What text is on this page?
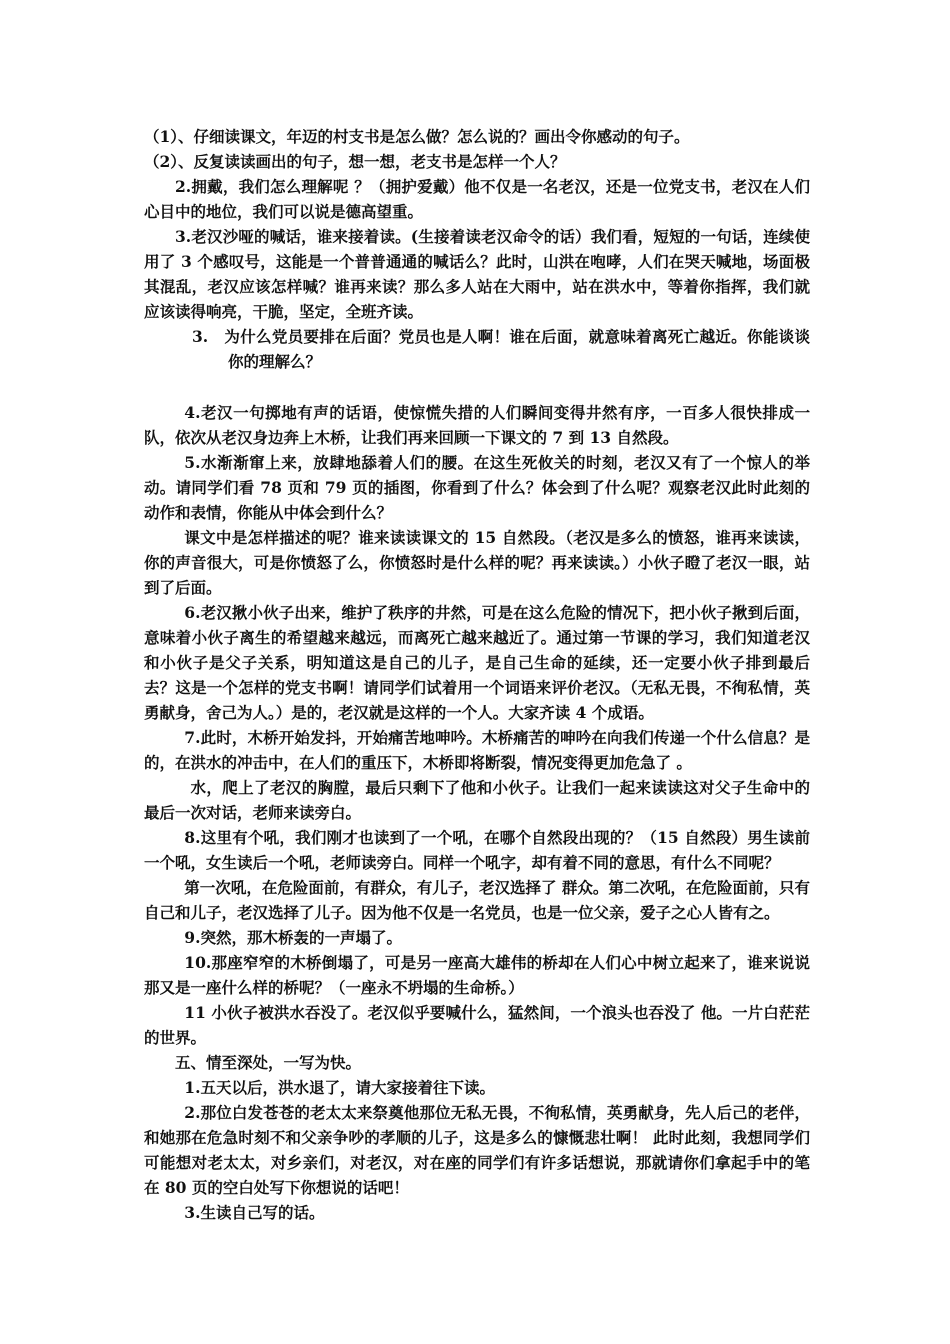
（1）、仔细读课文，年迈的村支书是怎么做？怎么说的？画出令你感动的句子。

（2）、反复读读画出的句子，想一想，老支书是怎样一个人？

2.拥戴，我们怎么理解呢 ？（拥护爱戴）他不仅是一名老汉，还是一位党支书，老汉在人们心目中的地位，我们可以说是德高望重。

3.老汉沙哑的喊话，谁来接着读。(生接着读老汉命令的话）我们看，短短的一句话，连续使用了 3 个感叹号，这能是一个普普通通的喊话么？此时，山洪在咆哮，人们在哭天喊地，场面极其混乱，老汉应该怎样喊？谁再来读？那么多人站在大雨中，站在洪水中，等着你指挥，我们就应该读得响亮，干脆，坚定，全班齐读。

3.　为什么党员要排在后面？党员也是人啊！谁在后面，就意味着离死亡越近。你能谈谈你的理解么？

4.老汉一句掷地有声的话语，使惊慌失措的人们瞬间变得井然有序，一百多人很快排成一队，依次从老汉身边奔上木桥，让我们再来回顾一下课文的 7 到 13 自然段。

5.水渐渐窜上来，放肆地舔着人们的腰。在这生死攸关的时刻，老汉又有了一个惊人的举动。请同学们看 78 页和 79 页的插图，你看到了什么？体会到了什么呢？观察老汉此时此刻的动作和表情，你能从中体会到什么？

课文中是怎样描述的呢？谁来读读课文的 15 自然段。（老汉是多么的愤怒，谁再来读读，你的声音很大，可是你愤怒了么，你愤怒时是什么样的呢？再来读读。）小伙子瞪了老汉一眼，站到了后面。

6.老汉揪小伙子出来，维护了秩序的井然，可是在这么危险的情况下，把小伙子揪到后面，意味着小伙子离生的希望越来越远，而离死亡越来越近了。通过第一节课的学习，我们知道老汉和小伙子是父子关系，明知道这是自己的儿子，是自己生命的延续，还一定要小伙子排到最后去？这是一个怎样的党支书啊！请同学们试着用一个词语来评价老汉。（无私无畏，不徇私情，英勇献身，舍己为人。）是的，老汉就是这样的一个人。大家齐读 4 个成语。

7.此时，木桥开始发抖，开始痛苦地呻吟。木桥痛苦的呻吟在向我们传递一个什么信息？是的，在洪水的冲击中，在人们的重压下，木桥即将断裂，情况变得更加危急了 。

水，爬上了老汉的胸膛，最后只剩下了他和小伙子。让我们一起来读读这对父子生命中的最后一次对话，老师来读旁白。

8.这里有个吼，我们刚才也读到了一个吼，在哪个自然段出现的？（15 自然段）男生读前一个吼，女生读后一个吼，老师读旁白。同样一个吼字，却有着不同的意思，有什么不同呢？

第一次吼，在危险面前，有群众，有儿子，老汉选择了 群众。第二次吼，在危险面前，只有自己和儿子，老汉选择了儿子。因为他不仅是一名党员，也是一位父亲，爱子之心人皆有之。

9.突然，那木桥轰的一声塌了。

10.那座窄窄的木桥倒塌了，可是另一座高大雄伟的桥却在人们心中树立起来了，谁来说说那又是一座什么样的桥呢？（一座永不坍塌的生命桥。）

11 小伙子被洪水吞没了。老汉似乎要喊什么，猛然间，一个浪头也吞没了 他。一片白茫茫的世界。

五、情至深处，一写为快。

1.五天以后，洪水退了，请大家接着往下读。

2.那位白发苍苍的老太太来祭奠他那位无私无畏，不徇私情，英勇献身，先人后己的老伴，和她那在危急时刻不和父亲争吵的孝顺的儿子，这是多么的慷慨悲壮啊！ 此时此刻，我想同学们可能想对老太太，对乡亲们，对老汉，对在座的同学们有许多话想说，那就请你们拿起手中的笔在 80 页的空白处写下你想说的话吧！

3.生读自己写的话。
